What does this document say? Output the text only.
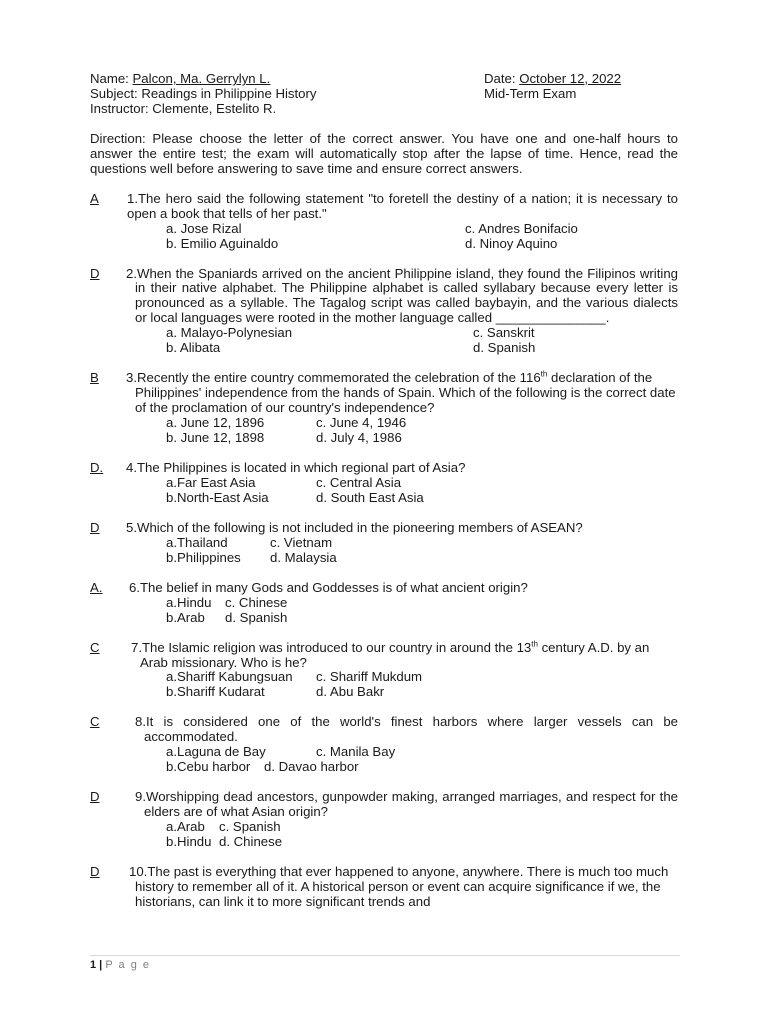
Name: Palcon, Ma. Gerrylyn L.	Date: October 12, 2022
Subject: Readings in Philippine History	Mid-Term Exam
Instructor: Clemente, Estelito R.
Direction: Please choose the letter of the correct answer. You have one and one-half hours to answer the entire test; the exam will automatically stop after the lapse of time. Hence, read the questions well before answering to save time and ensure correct answers.
A 1.The hero said the following statement "to foretell the destiny of a nation; it is necessary to open a book that tells of her past."

a. Jose Rizal	c. Andres Bonifacio
b. Emilio Aguinaldo	d. Ninoy Aquino
D 2.When the Spaniards arrived on the ancient Philippine island, they found the Filipinos writing in their native alphabet. The Philippine alphabet is called syllabary because every letter is pronounced as a syllable. The Tagalog script was called baybayin, and the various dialects or local languages were rooted in the mother language called _______________.

a. Malayo-Polynesian	c. Sanskrit
b. Alibata	d. Spanish
B 3.Recently the entire country commemorated the celebration of the 116th declaration of the Philippines' independence from the hands of Spain. Which of the following is the correct date of the proclamation of our country's independence?

a. June 12, 1896	c. June 4, 1946
b. June 12, 1898	d. July 4, 1986
D. 4.The Philippines is located in which regional part of Asia?

a.Far East Asia	c. Central Asia
b.North-East Asia	d. South East Asia
D 5.Which of the following is not included in the pioneering members of ASEAN?

a.Thailand	c. Vietnam
b.Philippines d. Malaysia
A. 6.The belief in many Gods and Goddesses is of what ancient origin?

a.Hindu c. Chinese
b.Arab d. Spanish
C 7.The Islamic religion was introduced to our country in around the 13th century A.D. by an Arab missionary. Who is he?

a.Shariff Kabungsuan c. Shariff Mukdum
b.Shariff Kudarat	d. Abu Bakr
C	8.It is considered one of the world's finest harbors where larger vessels can be accommodated.

a.Laguna de Bay	c. Manila Bay
b.Cebu harbor d. Davao harbor
D	9.Worshipping dead ancestors, gunpowder making, arranged marriages, and respect for the elders are of what Asian origin?

a.Arab c. Spanish
b.Hindu d. Chinese
D 10.The past is everything that ever happened to anyone, anywhere. There is much too much history to remember all of it. A historical person or event can acquire significance if we, the historians, can link it to more significant trends and

1 | P a g e
